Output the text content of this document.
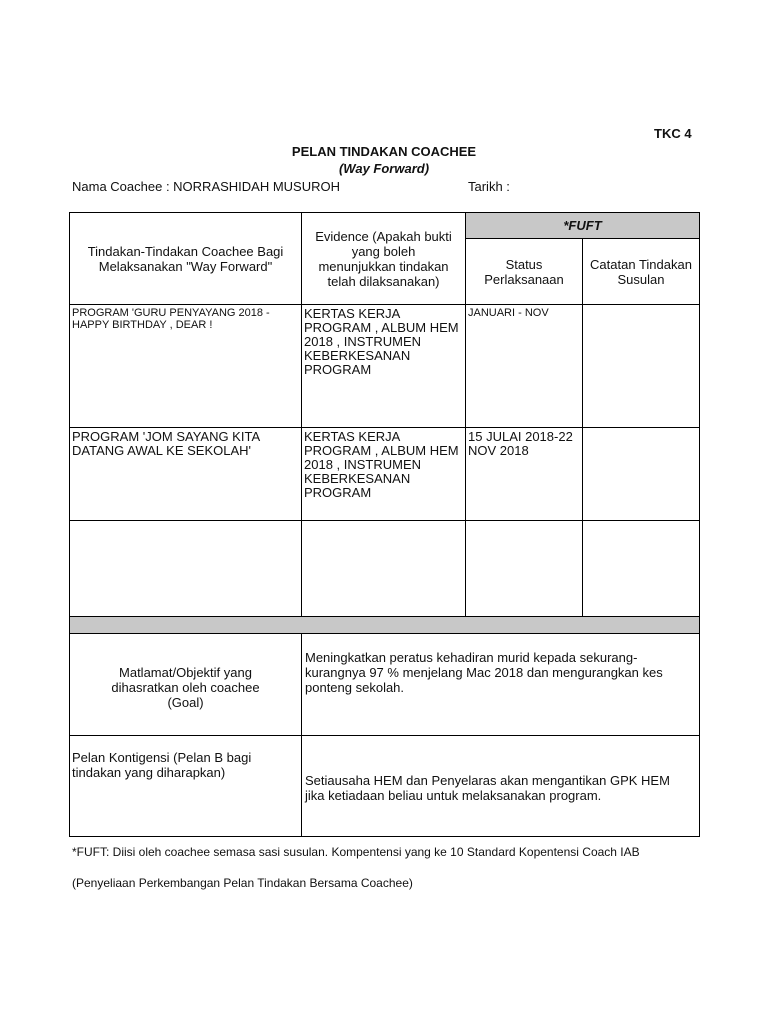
TKC 4
PELAN TINDAKAN COACHEE
(Way Forward)
Nama Coachee : NORRASHIDAH MUSUROH	Tarikh :
Tindakan-Tindakan Coachee Bagi Melaksanakan "Way Forward"	Evidence (Apakah bukti yang boleh menunjukkan tindakan telah dilaksanakan)	*FUFT	

		Status Perlaksanaan	Catatan Tindakan Susulan

PROGRAM 'GURU PENYAYANG 2018 - HAPPY BIRTHDAY , DEAR !	KERTAS KERJA PROGRAM , ALBUM HEM 2018 , INSTRUMEN KEBERKESANAN PROGRAM	JANUARI - NOV	
PROGRAM 'JOM SAYANG KITA DATANG AWAL KE SEKOLAH'	KERTAS KERJA PROGRAM , ALBUM HEM 2018 , INSTRUMEN KEBERKESANAN PROGRAM	15 JULAI 2018-22 NOV 2018	

Matlamat/Objektif yang dihasratkan oleh coachee (Goal)	Meningkatkan peratus kehadiran murid kepada sekurang-kurangnya 97 % menjelang Mac 2018 dan mengurangkan kes ponteng sekolah.		

Pelan Kontigensi (Pelan B bagi tindakan yang diharapkan)	Setiausaha HEM dan Penyelaras akan mengantikan GPK HEM jika ketiadaan beliau untuk melaksanakan program.		
*FUFT: Diisi oleh coachee semasa sasi susulan. Kompentensi yang ke 10 Standard Kopentensi Coach IAB
(Penyeliaan Perkembangan Pelan Tindakan Bersama Coachee)
